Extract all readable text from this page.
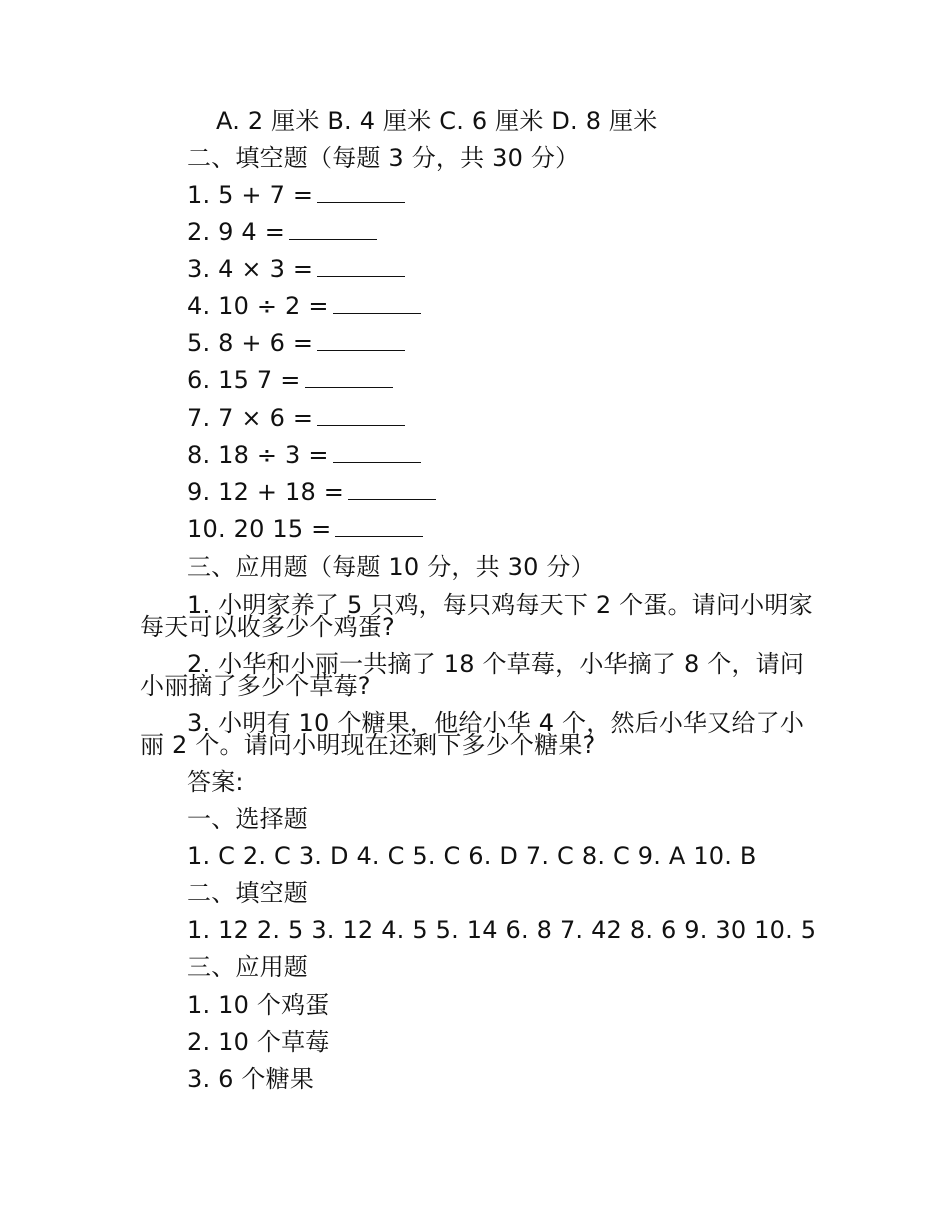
A. 2 厘米 B. 4 厘米 C. 6 厘米 D. 8 厘米
二、填空题（每题 3 分，共 30 分）
1. 5 + 7 =
2. 9 4 =
3. 4 × 3 =
4. 10 ÷ 2 =
5. 8 + 6 =
6. 15 7 =
7. 7 × 6 =
8. 18 ÷ 3 =
9. 12 + 18 =
10. 20 15 =
三、应用题（每题 10 分，共 30 分）
1. 小明家养了 5 只鸡，每只鸡每天下 2 个蛋。请问小明家
每天可以收多少个鸡蛋?
2. 小华和小丽一共摘了 18 个草莓，小华摘了 8 个，请问
小丽摘了多少个草莓?
3. 小明有 10 个糖果，他给小华 4 个，然后小华又给了小
丽 2 个。请问小明现在还剩下多少个糖果?
答案:
一、选择题
1. C 2. C 3. D 4. C 5. C 6. D 7. C 8. C 9. A 10. B
二、填空题
1. 12 2. 5 3. 12 4. 5 5. 14 6. 8 7. 42 8. 6 9. 30 10. 5
三、应用题
1. 10 个鸡蛋
2. 10 个草莓
3. 6 个糖果
